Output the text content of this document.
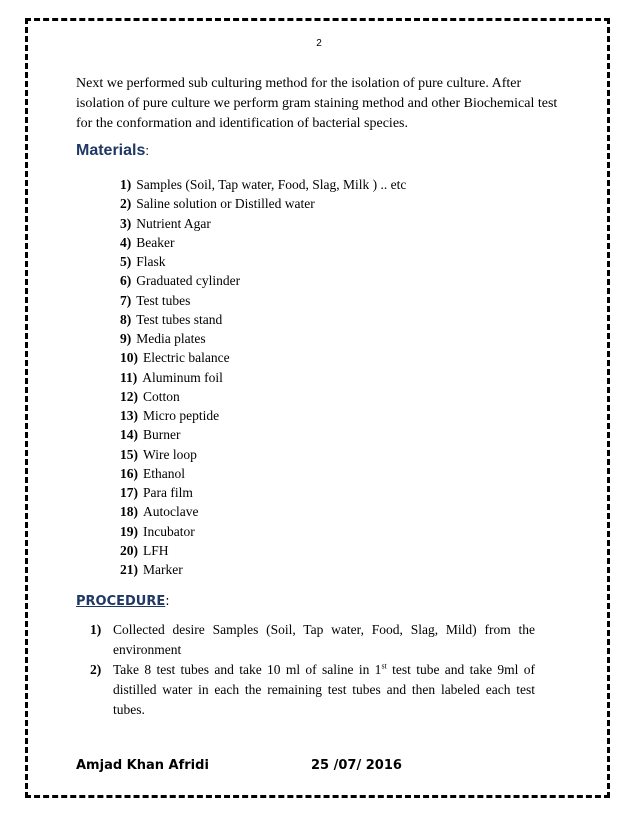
2

Next we performed sub culturing method for the isolation of pure culture. After isolation of pure culture we perform gram staining method and other Biochemical test for the conformation and identification of bacterial species.

Materials:
1) Samples (Soil, Tap water, Food, Slag, Milk ) .. etc
2) Saline solution or Distilled water
3) Nutrient Agar
4) Beaker
5) Flask
6) Graduated cylinder
7) Test tubes
8) Test tubes stand
9) Media plates
10) Electric balance
11) Aluminum foil
12) Cotton
13) Micro peptide
14) Burner
15) Wire loop
16) Ethanol
17) Para film
18) Autoclave
19) Incubator
20) LFH
21) Marker
PROCEDURE:
1) Collected desire Samples (Soil, Tap water, Food, Slag, Mild) from the environment
2) Take 8 test tubes and take 10 ml of saline in 1st test tube and take 9ml of distilled water in each the remaining test tubes and then labeled each test tubes.
Amjad Khan Afridi	25 /07/ 2016
